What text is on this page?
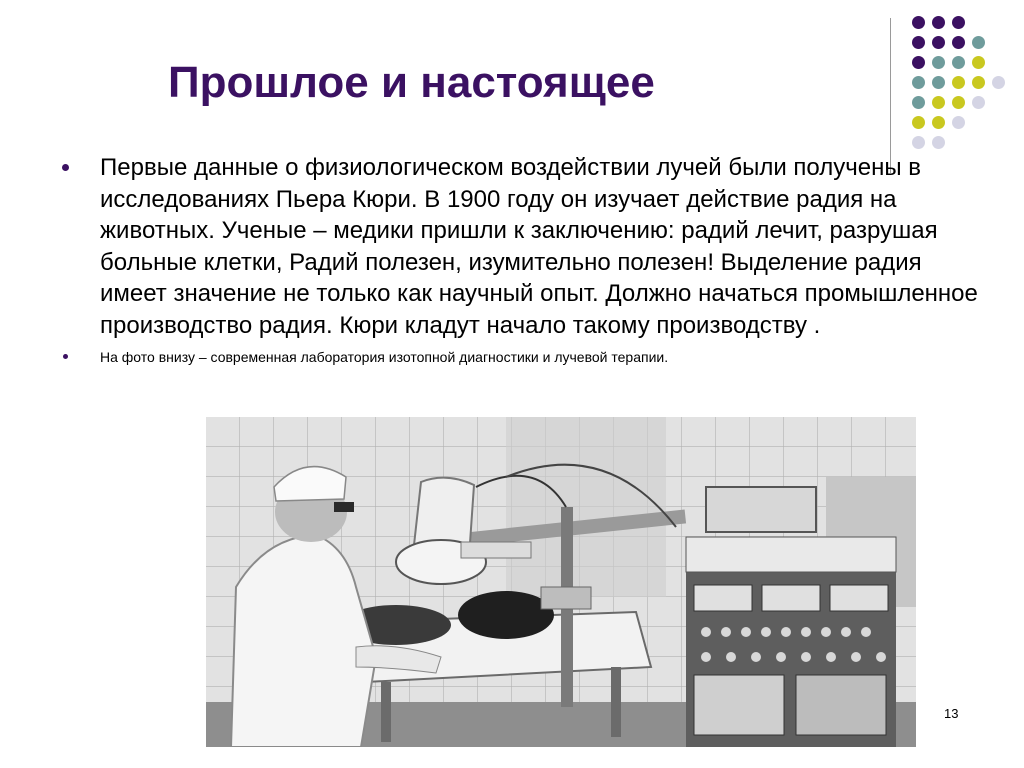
Прошлое и настоящее
Первые данные о физиологическом воздействии лучей были получены в исследованиях Пьера Кюри. В 1900 году он изучает действие радия на животных. Ученые – медики пришли к заключению: радий лечит, разрушая больные клетки, Радий полезен, изумительно полезен! Выделение радия имеет значение не только как научный опыт. Должно начаться промышленное производство радия. Кюри кладут начало такому производству .
На фото внизу – современная лаборатория изотопной диагностики и лучевой терапии.
13
